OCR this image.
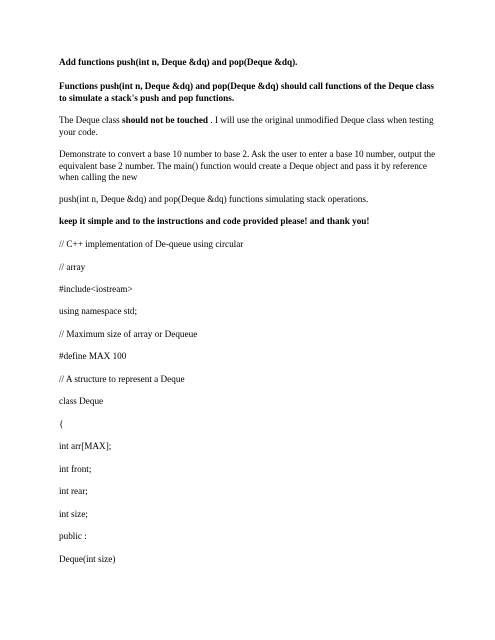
Add functions push(int n, Deque &dq) and pop(Deque &dq).

Functions push(int n, Deque &dq) and pop(Deque &dq) should call functions of the Deque class to simulate a stack's push and pop functions.

The Deque class should not be touched . I will use the original unmodified Deque class when testing your code.

Demonstrate to convert a base 10 number to base 2. Ask the user to enter a base 10 number, output the equivalent base 2 number. The main() function would create a Deque object and pass it by reference when calling the new

push(int n, Deque &dq) and pop(Deque &dq) functions simulating stack operations.

keep it simple and to the instructions and code provided please! and thank you!

// C++ implementation of De-queue using circular

// array

#include<iostream>

using namespace std;

// Maximum size of array or Dequeue

#define MAX 100

// A structure to represent a Deque

class Deque

{

int arr[MAX];

int front;

int rear;

int size;

public :

Deque(int size)
